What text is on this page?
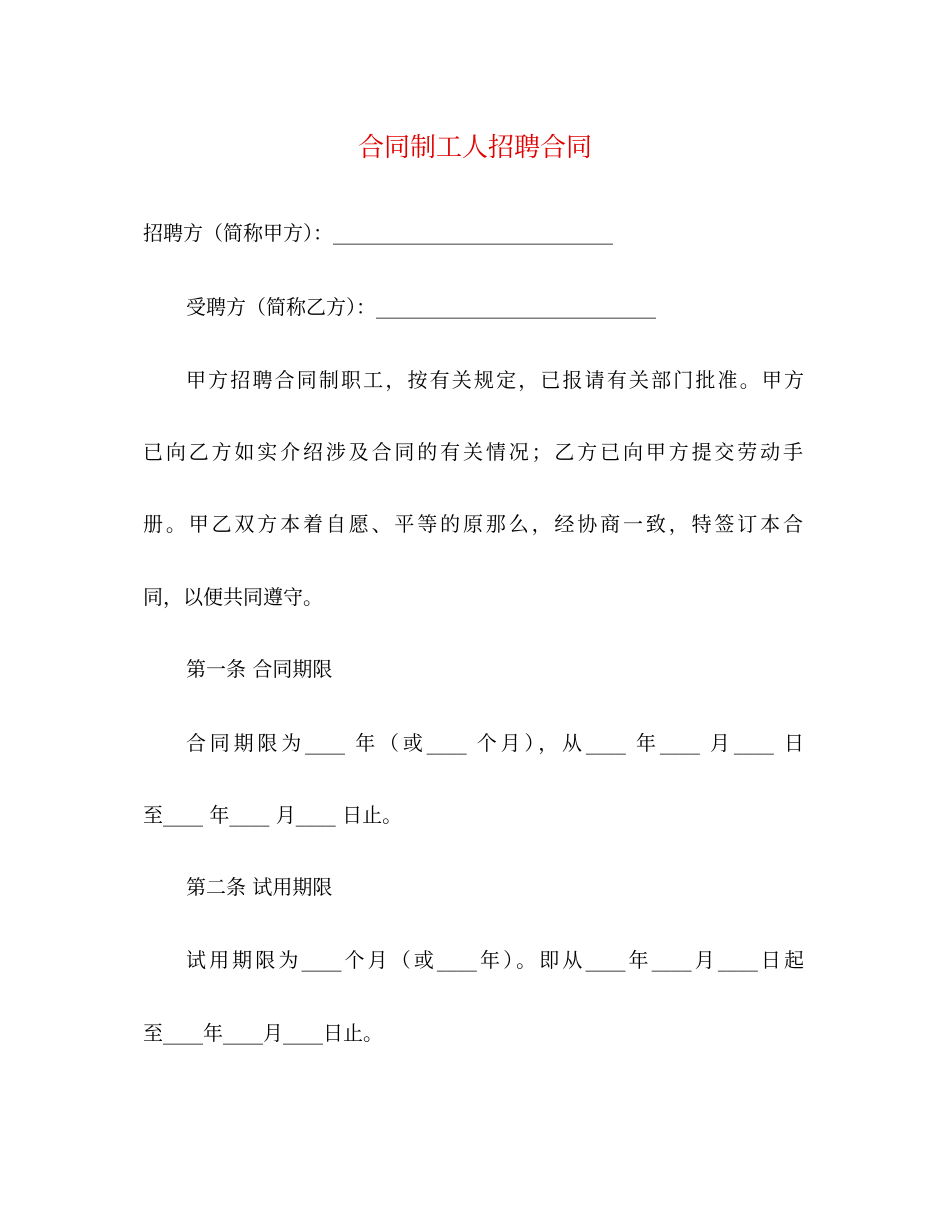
合同制工人招聘合同
招聘方（简称甲方）：____________________________
受聘方（简称乙方）：____________________________
甲方招聘合同制职工，按有关规定，已报请有关部门批准。甲方
已向乙方如实介绍涉及合同的有关情况；乙方已向甲方提交劳动手
册。甲乙双方本着自愿、平等的原那么，经协商一致，特签订本合
同，以便共同遵守。
第一条 合同期限
合同期限为____ 年（或____ 个月），从____ 年____ 月____ 日
至____ 年____ 月____ 日止。
第二条 试用期限
试用期限为____个月（或____年）。即从____年____月____日起
至____年____月____日止。
